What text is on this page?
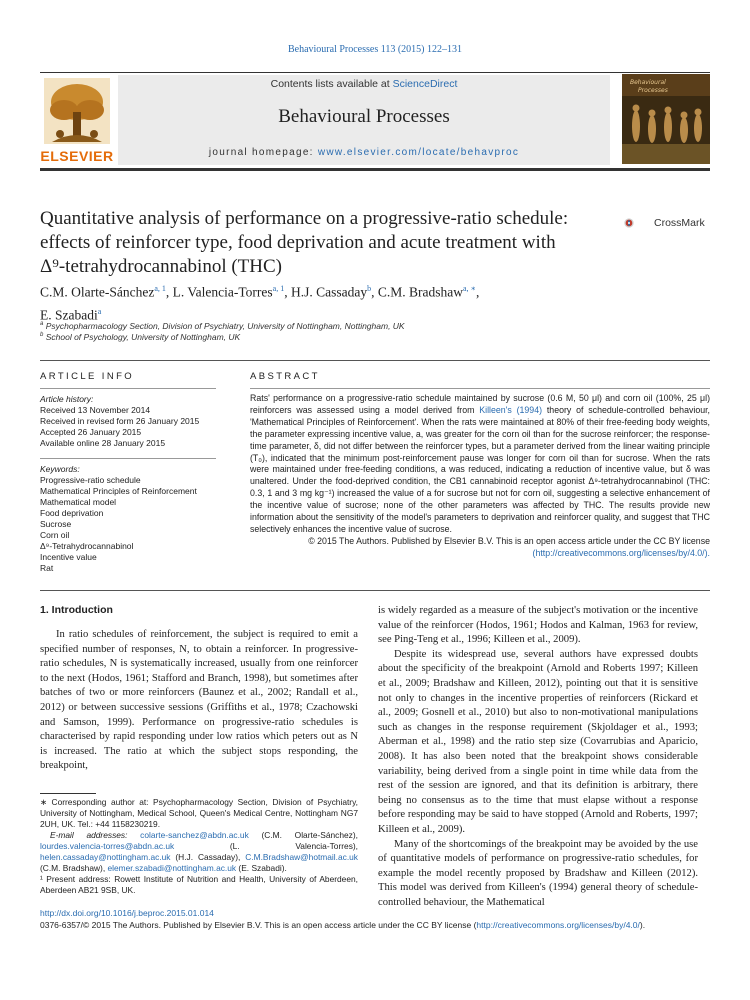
Behavioural Processes 113 (2015) 122–131
Contents lists available at ScienceDirect
Behavioural Processes
journal homepage: www.elsevier.com/locate/behavproc
ELSEVIER
Behavioural
Processes
Quantitative analysis of performance on a progressive-ratio schedule:
effects of reinforcer type, food deprivation and acute treatment with
Δ⁹-tetrahydrocannabinol (THC)
CrossMark
C.M. Olarte-Sánchez$^{a, 1}$, L. Valencia-Torres$^{a, 1}$, H.J. Cassaday$^b$, C.M. Bradshaw$^{a, ∗}$,
E. Szabadi$^a$
$^a$ Psychopharmacology Section, Division of Psychiatry, University of Nottingham, Nottingham, UK
$^b$ School of Psychology, University of Nottingham, UK
ARTICLE INFO
Article history:
Received 13 November 2014
Received in revised form 26 January 2015
Accepted 26 January 2015
Available online 28 January 2015
Keywords:
Progressive-ratio schedule
Mathematical Principles of Reinforcement
Mathematical model
Food deprivation
Sucrose
Corn oil
Δ⁹-Tetrahydrocannabinol
Incentive value
Rat
ABSTRACT

Rats' performance on a progressive-ratio schedule maintained by sucrose (0.6 M, 50 μl) and corn oil (100%, 25 μl) reinforcers was assessed using a model derived from Killeen's (1994) theory of schedule-controlled behaviour, 'Mathematical Principles of Reinforcement'. When the rats were maintained at 80% of their free-feeding body weights, the parameter expressing incentive value, a, was greater for the corn oil than for the sucrose reinforcer; the response-time parameter, δ, did not differ between the reinforcer types, but a parameter derived from the linear waiting principle (T₀), indicated that the minimum post-reinforcement pause was longer for corn oil than for sucrose. When the rats were maintained under free-feeding conditions, a was reduced, indicating a reduction of incentive value, but δ was unaltered. Under the food-deprived condition, the CB1 cannabinoid receptor agonist Δ⁹-tetrahydrocannabinol (THC: 0.3, 1 and 3 mg kg⁻¹) increased the value of a for sucrose but not for corn oil, suggesting a selective enhancement of the incentive value of sucrose; none of the other parameters was affected by THC. The results provide new information about the sensitivity of the model's parameters to deprivation and reinforcer quality, and suggest that THC selectively enhances the incentive value of sucrose.

© 2015 The Authors. Published by Elsevier B.V. This is an open access article under the CC BY license

(http://creativecommons.org/licenses/by/4.0/).

1. Introduction

In ratio schedules of reinforcement, the subject is required to emit a specified number of responses, N, to obtain a reinforcer. In progressive-ratio schedules, N is systematically increased, usually from one reinforcer to the next (Hodos, 1961; Stafford and Branch, 1998), but sometimes after batches of two or more reinforcers (Baunez et al., 2002; Randall et al., 2012) or between successive sessions (Griffiths et al., 1978; Czachowski and Samson, 1999). Performance on progressive-ratio schedules is characterised by rapid responding under low ratios which peters out as N is increased. The ratio at which the subject stops responding, the breakpoint,

is widely regarded as a measure of the subject's motivation or the incentive value of the reinforcer (Hodos, 1961; Hodos and Kalman, 1963 for review, see Ping-Teng et al., 1996; Killeen et al., 2009).

Despite its widespread use, several authors have expressed doubts about the specificity of the breakpoint (Arnold and Roberts 1997; Killeen et al., 2009; Bradshaw and Killeen, 2012), pointing out that it is sensitive not only to changes in the incentive properties of reinforcers (Rickard et al., 2009; Gosnell et al., 2010) but also to non-motivational manipulations such as changes in the response requirement (Skjoldager et al., 1993; Aberman et al., 1998) and the ratio step size (Covarrubias and Aparicio, 2008). It has also been noted that the breakpoint shows considerable variability, being derived from a single point in time while data from the rest of the session are ignored, and that its definition is arbitrary, there being no consensus as to the time that must elapse without a response before responding may be said to have stopped (Arnold and Roberts, 1997; Killeen et al., 2009).

Many of the shortcomings of the breakpoint may be avoided by the use of quantitative models of performance on progressive-ratio schedules, for example the model recently proposed by Bradshaw and Killeen (2012). This model was derived from Killeen's (1994) general theory of schedule-controlled behaviour, the Mathematical

∗ Corresponding author at: Psychopharmacology Section, Division of Psychiatry, University of Nottingham, Medical School, Queen's Medical Centre, Nottingham NG7 2UH, UK. Tel.: +44 1158230219.

E-mail addresses: colarte-sanchez@abdn.ac.uk (C.M. Olarte-Sánchez), lourdes.valencia-torres@abdn.ac.uk (L. Valencia-Torres), helen.cassaday@nottingham.ac.uk (H.J. Cassaday), C.M.Bradshaw@hotmail.ac.uk (C.M. Bradshaw), elemer.szabadi@nottingham.ac.uk (E. Szabadi).

¹ Present address: Rowett Institute of Nutrition and Health, University of Aberdeen, Aberdeen AB21 9SB, UK.

http://dx.doi.org/10.1016/j.beproc.2015.01.014
0376-6357/© 2015 The Authors. Published by Elsevier B.V. This is an open access article under the CC BY license (http://creativecommons.org/licenses/by/4.0/).
